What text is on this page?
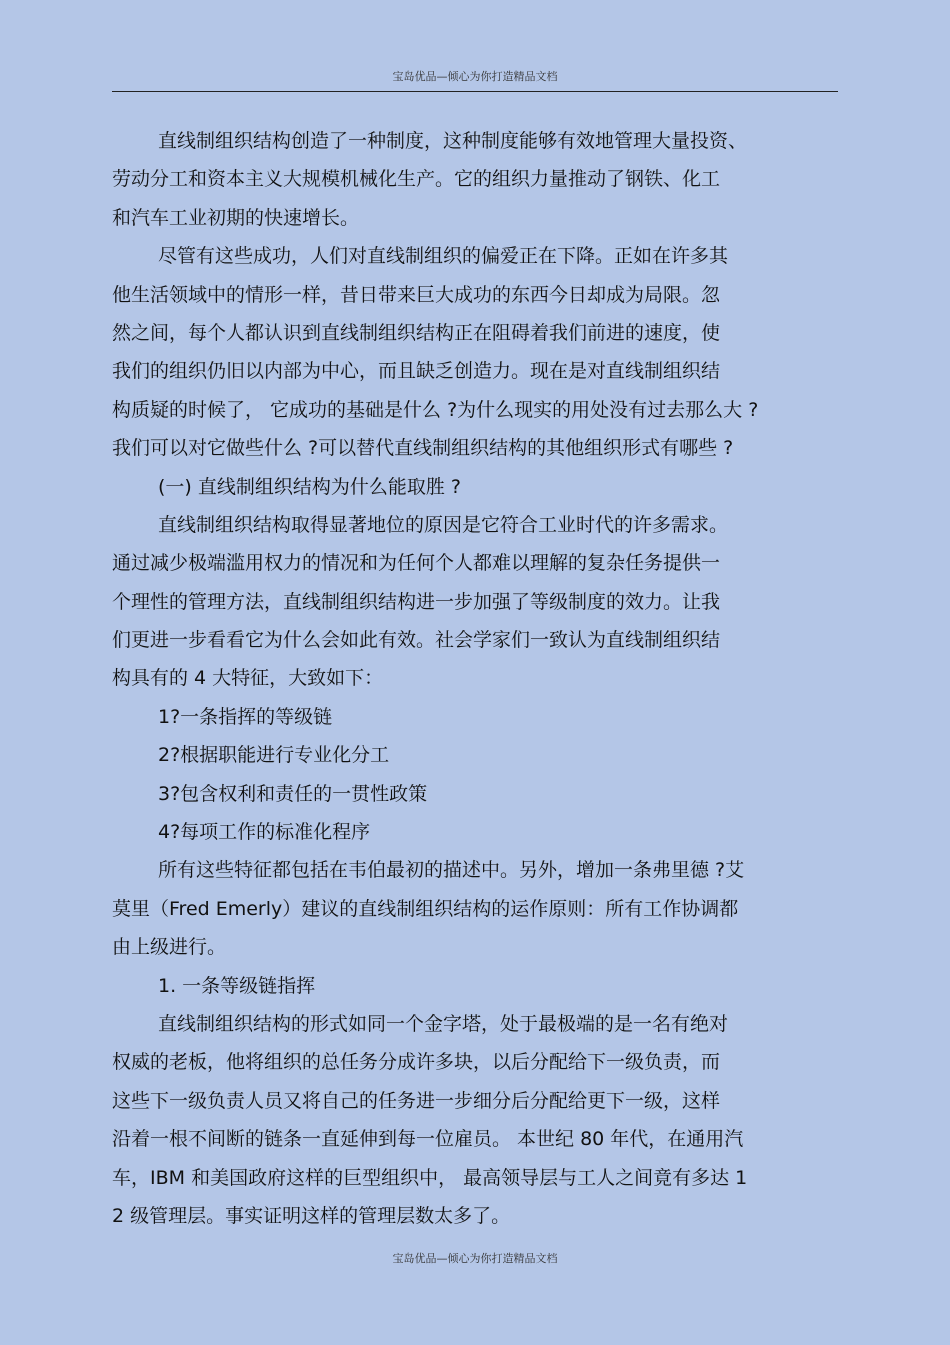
宝岛优品—倾心为你打造精品文档
直线制组织结构创造了一种制度，这种制度能够有效地管理大量投资、
劳动分工和资本主义大规模机械化生产。它的组织力量推动了钢铁、化工
和汽车工业初期的快速增长。
尽管有这些成功，人们对直线制组织的偏爱正在下降。正如在许多其
他生活领域中的情形一样，昔日带来巨大成功的东西今日却成为局限。忽
然之间，每个人都认识到直线制组织结构正在阻碍着我们前进的速度，使
我们的组织仍旧以内部为中心，而且缺乏创造力。现在是对直线制组织结
构质疑的时候了， 它成功的基础是什么 ?为什么现实的用处没有过去那么大 ?
我们可以对它做些什么 ?可以替代直线制组织结构的其他组织形式有哪些 ?
(一) 直线制组织结构为什么能取胜 ?
直线制组织结构取得显著地位的原因是它符合工业时代的许多需求。
通过减少极端滥用权力的情况和为任何个人都难以理解的复杂任务提供一
个理性的管理方法，直线制组织结构进一步加强了等级制度的效力。让我
们更进一步看看它为什么会如此有效。社会学家们一致认为直线制组织结
构具有的 4 大特征，大致如下：
1?一条指挥的等级链
2?根据职能进行专业化分工
3?包含权利和责任的一贯性政策
4?每项工作的标准化程序
所有这些特征都包括在韦伯最初的描述中。另外，增加一条弗里德 ?艾
莫里（Fred Emerly）建议的直线制组织结构的运作原则：所有工作协调都
由上级进行。
1. 一条等级链指挥
直线制组织结构的形式如同一个金字塔，处于最极端的是一名有绝对
权威的老板，他将组织的总任务分成许多块，以后分配给下一级负责，而
这些下一级负责人员又将自己的任务进一步细分后分配给更下一级，这样
沿着一根不间断的链条一直延伸到每一位雇员。 本世纪 80 年代，在通用汽
车，IBM 和美国政府这样的巨型组织中， 最高领导层与工人之间竟有多达 1
2 级管理层。事实证明这样的管理层数太多了。
宝岛优品—倾心为你打造精品文档
